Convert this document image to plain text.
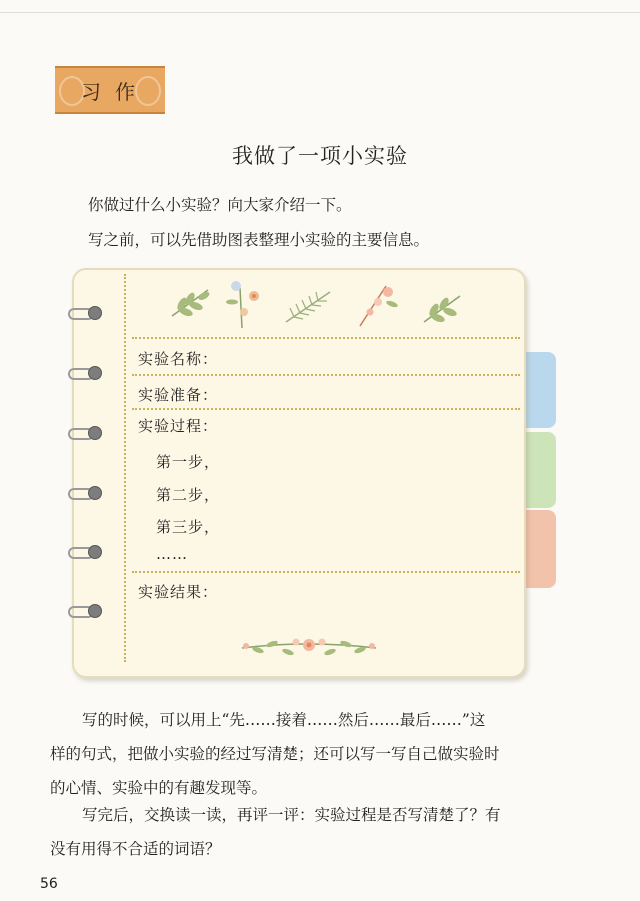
习作
我做了一项小实验
你做过什么小实验？向大家介绍一下。
写之前，可以先借助图表整理小实验的主要信息。
实验名称：
实验准备：
实验过程：
第一步，
第二步，
第三步，
……
实验结果：
写的时候，可以用上“先……接着……然后……最后……”这
样的句式，把做小实验的经过写清楚；还可以写一写自己做实验时
的心情、实验中的有趣发现等。
写完后，交换读一读，再评一评：实验过程是否写清楚了？有
没有用得不合适的词语？
56
